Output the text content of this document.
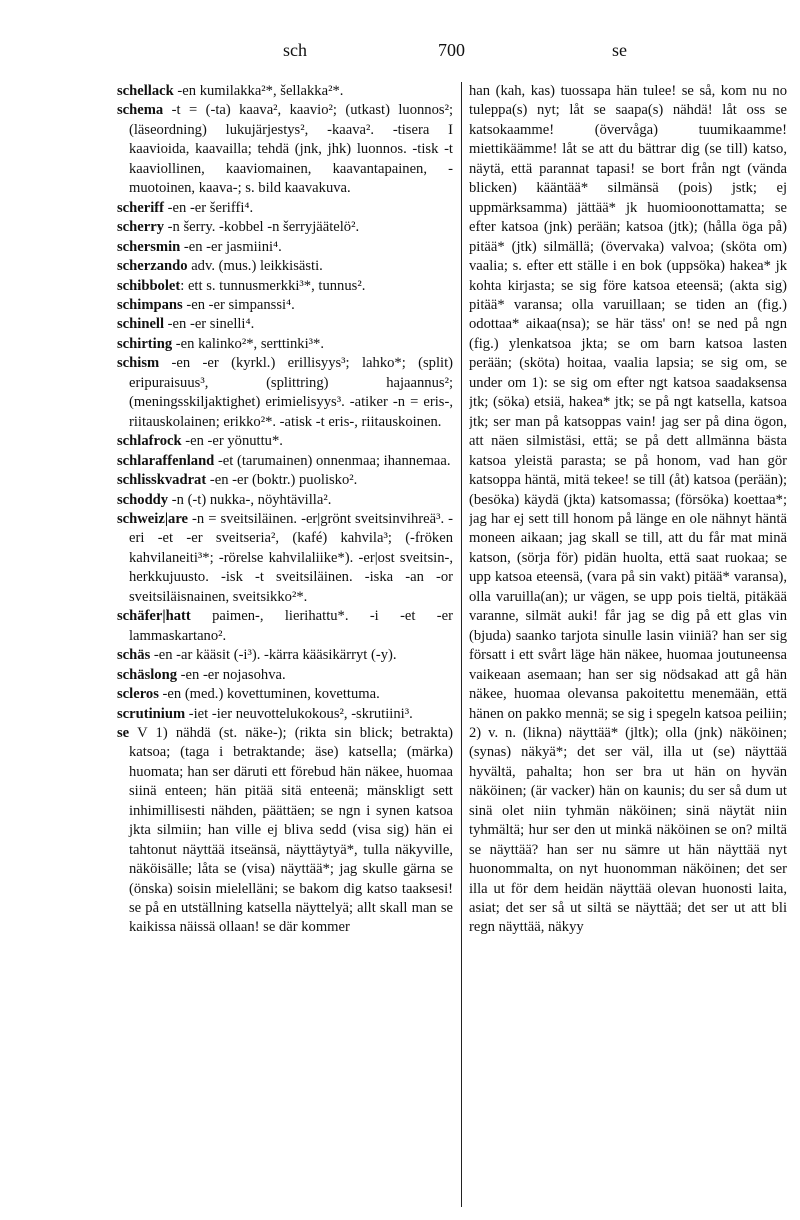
sch	700	se

schellack -en kumilakka²*, šellakka²*.

schema -t = (-ta) kaava², kaavio²; (utkast) luonnos²; (läseordning) lukujärjestys², -kaava². -tisera I kaavioida, kaavailla; tehdä (jnk, jhk) luonnos. -tisk -t kaaviollinen, kaaviomainen, kaavantapainen, -muotoinen, kaava-; s. bild kaavakuva.

scheriff -en -er šeriffi⁴.

scherry -n šerry. -kobbel -n šerryjäätelö².

schersmin -en -er jasmiini⁴.

scherzando adv. (mus.) leikkisästi.

schibbolet: ett s. tunnusmerkki³*, tunnus².

schimpans -en -er simpanssi⁴.

schinell -en -er sinelli⁴.

schirting -en kalinko²*, serttinki³*.

schism -en -er (kyrkl.) erillisyys³; lahko*; (split) eripuraisuus³, (splittring) hajaannus²; (meningsskiljaktighet) erimielisyys³. -atiker -n = eris-, riitauskolainen; erikko²*. -atisk -t eris-, riitauskoinen.

schlafrock -en -er yönuttu*.

schlaraffenland -et (tarumainen) onnenmaa; ihannemaa.

schlisskvadrat -en -er (boktr.) puolisko².

schoddy -n (-t) nukka-, nöyhtävilla².

schweiz|are -n = sveitsiläinen. -er|grönt sveitsinvihreä³. -eri -et -er sveitseria², (kafé) kahvila³; (-fröken kahvilaneiti³*; -rörelse kahvilaliike*). -er|ost sveitsin-, herkkujuusto. -isk -t sveitsiläinen. -iska -an -or sveitsiläisnainen, sveitsikko²*.

schäfer|hatt paimen-, lierihattu*. -i -et -er lammaskartano².

schäs -en -ar kääsit (-i³). -kärra kääsikärryt (-y).

schäslong -en -er nojasohva.

scleros -en (med.) kovettuminen, kovettuma.

scrutinium -iet -ier neuvottelukokous², -skrutiini³.

se V 1) nähdä (st. näke-); (rikta sin blick; betrakta) katsoa; (taga i betraktande; äse) katsella; (märka) huomata; han ser däruti ett förebud hän näkee, huomaa siinä enteen; hän pitää sitä enteenä; mänskligt sett inhimillisesti nähden, päättäen; se ngn i synen katsoa jkta silmiin; han ville ej bliva sedd (visa sig) hän ei tahtonut näyttää itseänsä, näyttäytyä*, tulla näkyville, näköisälle; låta se (visa) näyttää*; jag skulle gärna se (önska) soisin mielelläni; se bakom dig katso taaksesi! se på en utställning katsella näyttelyä; allt skall man se kaikissa näissä ollaan! se där kommer

han (kah, kas) tuossapa hän tulee! se så, kom nu no tuleppa(s) nyt; låt se saapa(s) nähdä! låt oss se katsokaamme! (övervåga) tuumikaamme! miettikäämme! låt se att du bättrar dig (se till) katso, näytä, että parannat tapasi! se bort från ngt (vända blicken) kääntää* silmänsä (pois) jstk; ej uppmärksamma) jättää* jk huomioonottamatta; se efter katsoa (jnk) perään; katsoa (jtk); (hålla öga på) pitää* (jtk) silmällä; (övervaka) valvoa; (sköta om) vaalia; s. efter ett ställe i en bok (uppsöka) hakea* jk kohta kirjasta; se sig före katsoa eteensä; (akta sig) pitää* varansa; olla varuillaan; se tiden an (fig.) odottaa* aikaa(nsa); se här täss' on! se ned på ngn (fig.) ylenkatsoa jkta; se om barn katsoa lasten perään; (sköta) hoitaa, vaalia lapsia; se sig om, se under om 1): se sig om efter ngt katsoa saadaksensa jtk; (söka) etsiä, hakea* jtk; se på ngt katsella, katsoa jtk; ser man på katsoppas vain! jag ser på dina ögon, att näen silmistäsi, että; se på dett allmänna bästa katsoa yleistä parasta; se på honom, vad han gör katsoppa häntä, mitä tekee! se till (åt) katsoa (perään); (besöka) käydä (jkta) katsomassa; (försöka) koettaa*; jag har ej sett till honom på länge en ole nähnyt häntä moneen aikaan; jag skall se till, att du får mat minä katson, (sörja för) pidän huolta, että saat ruokaa; se upp katsoa eteensä, (vara på sin vakt) pitää* varansa), olla varuilla(an); ur vägen, se upp pois tieltä, pitäkää varanne, silmät auki! får jag se dig på ett glas vin (bjuda) saanko tarjota sinulle lasin viiniä? han ser sig försatt i ett svårt läge hän näkee, huomaa joutuneensa vaikeaan asemaan; han ser sig nödsakad att gå hän näkee, huomaa olevansa pakoitettu menemään, että hänen on pakko mennä; se sig i spegeln katsoa peiliin; 2) v. n. (likna) näyttää* (jltk); olla (jnk) näköinen; (synas) näkyä*; det ser väl, illa ut (se) näyttää hyvältä, pahalta; hon ser bra ut hän on hyvän näköinen; (är vacker) hän on kaunis; du ser så dum ut sinä olet niin tyhmän näköinen; sinä näytät niin tyhmältä; hur ser den ut minkä näköinen se on? miltä se näyttää? han ser nu sämre ut hän näyttää nyt huonommalta, on nyt huonomman näköinen; det ser illa ut för dem heidän näyttää olevan huonosti laita, asiat; det ser så ut siltä se näyttää; det ser ut att bli regn näyttää, näkyy
